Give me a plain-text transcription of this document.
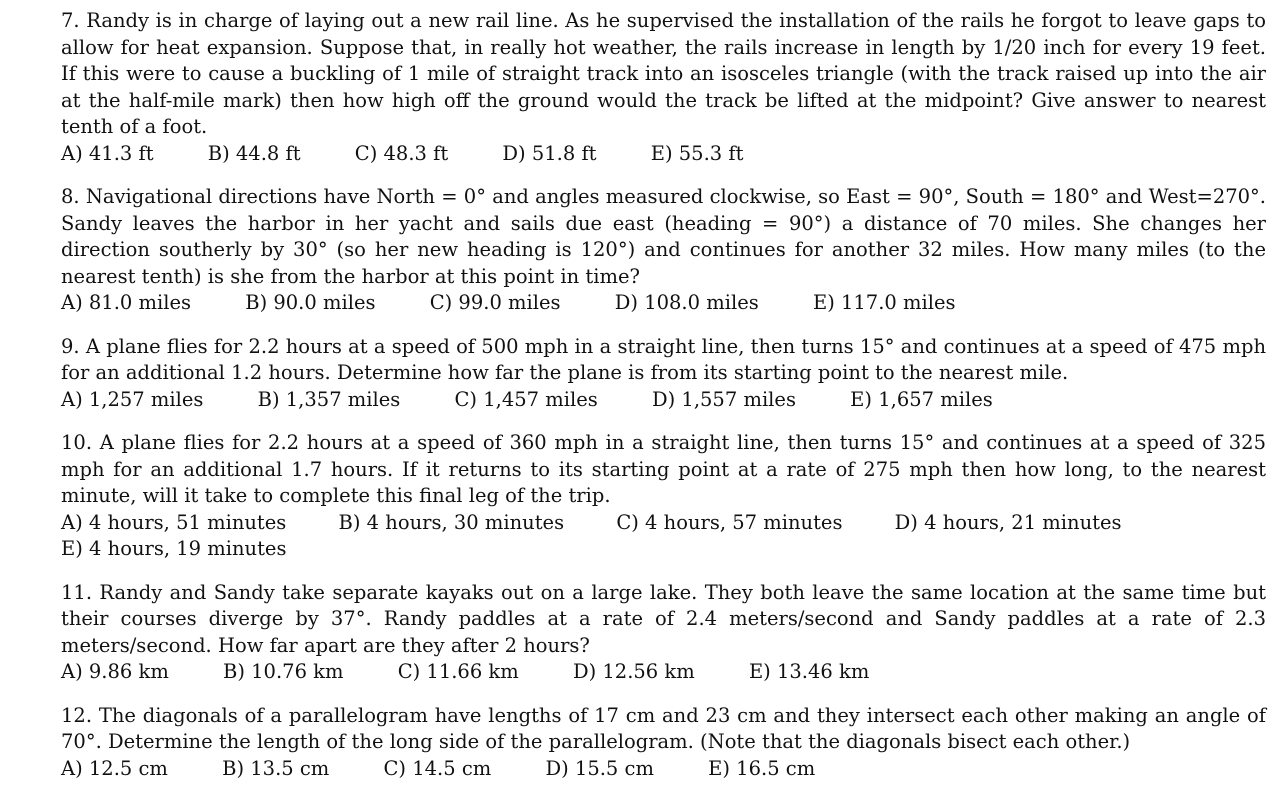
7. Randy is in charge of laying out a new rail line. As he supervised the installation of the rails he forgot to leave gaps to allow for heat expansion. Suppose that, in really hot weather, the rails increase in length by 1/20 inch for every 19 feet. If this were to cause a buckling of 1 mile of straight track into an isosceles triangle (with the track raised up into the air at the half-mile mark) then how high off the ground would the track be lifted at the midpoint? Give answer to nearest tenth of a foot.

A) 41.3 ft	B) 44.8 ft	C) 48.3 ft	D) 51.8 ft	E) 55.3 ft

8. Navigational directions have North = 0° and angles measured clockwise, so East = 90°, South = 180° and West=270°. Sandy leaves the harbor in her yacht and sails due east (heading = 90°) a distance of 70 miles. She changes her direction southerly by 30° (so her new heading is 120°) and continues for another 32 miles. How many miles (to the nearest tenth) is she from the harbor at this point in time?

A) 81.0 miles	B) 90.0 miles	C) 99.0 miles	D) 108.0 miles	E) 117.0 miles

9. A plane flies for 2.2 hours at a speed of 500 mph in a straight line, then turns 15° and continues at a speed of 475 mph for an additional 1.2 hours. Determine how far the plane is from its starting point to the nearest mile.

A) 1,257 miles	B) 1,357 miles	C) 1,457 miles	D) 1,557 miles	E) 1,657 miles

10. A plane flies for 2.2 hours at a speed of 360 mph in a straight line, then turns 15° and continues at a speed of 325 mph for an additional 1.7 hours. If it returns to its starting point at a rate of 275 mph then how long, to the nearest minute, will it take to complete this final leg of the trip.

A) 4 hours, 51 minutes	B) 4 hours, 30 minutes	C) 4 hours, 57 minutes	D) 4 hours, 21 minutes E) 4 hours, 19 minutes

11. Randy and Sandy take separate kayaks out on a large lake. They both leave the same location at the same time but their courses diverge by 37°. Randy paddles at a rate of 2.4 meters/second and Sandy paddles at a rate of 2.3 meters/second. How far apart are they after 2 hours?

A) 9.86 km	B) 10.76 km	C) 11.66 km	D) 12.56 km	E) 13.46 km

12. The diagonals of a parallelogram have lengths of 17 cm and 23 cm and they intersect each other making an angle of 70°. Determine the length of the long side of the parallelogram. (Note that the diagonals bisect each other.)

A) 12.5 cm	B) 13.5 cm	C) 14.5 cm	D) 15.5 cm	E) 16.5 cm
